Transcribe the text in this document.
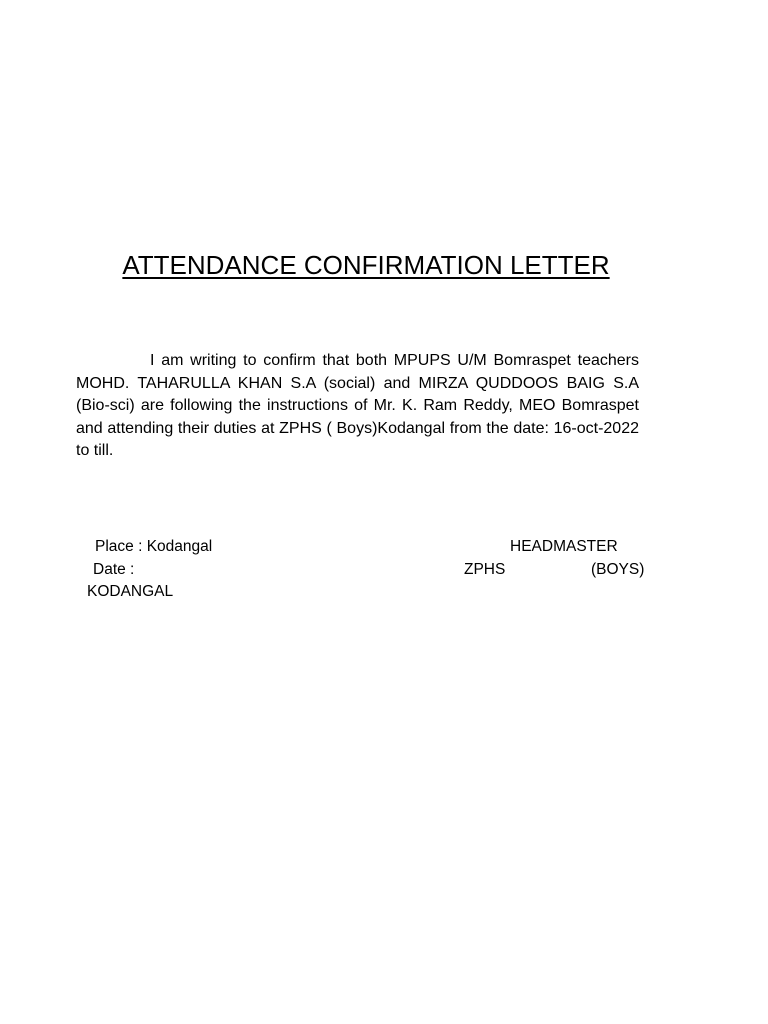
ATTENDANCE CONFIRMATION LETTER

I am writing to confirm that both MPUPS U/M Bomraspet teachers MOHD. TAHARULLA KHAN S.A (social) and MIRZA QUDDOOS BAIG S.A (Bio-sci) are following the instructions of Mr. K. Ram Reddy, MEO Bomraspet and attending their duties at ZPHS ( Boys)Kodangal from the date: 16-oct-2022 to till.

Place : Kodangal	HEADMASTER
Date :	ZPHS	(BOYS)
KODANGAL
